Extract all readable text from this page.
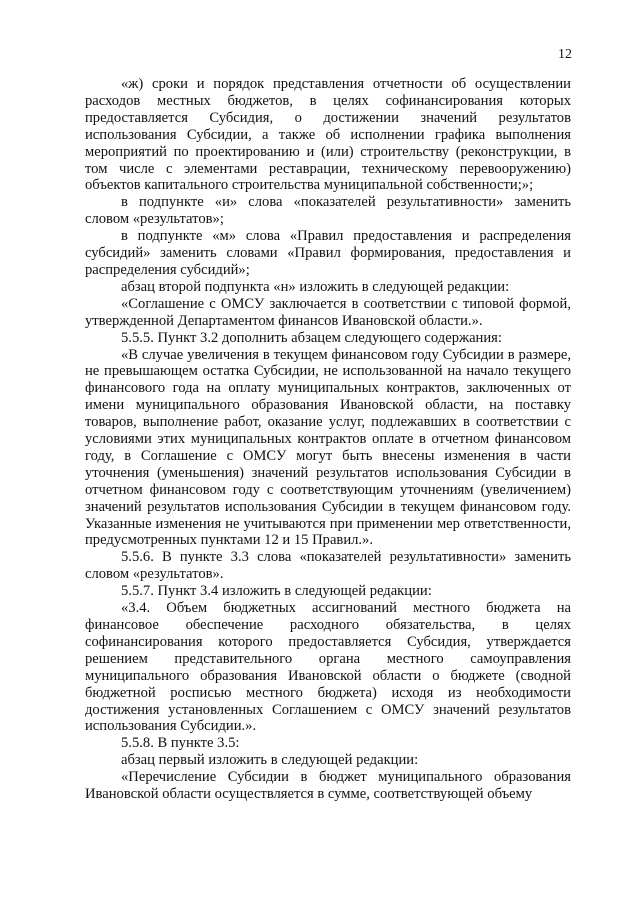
12

«ж) сроки и порядок представления отчетности об осуществлении расходов местных бюджетов, в целях софинансирования которых предоставляется Субсидия, о достижении значений результатов использования Субсидии, а также об исполнении графика выполнения мероприятий по проектированию и (или) строительству (реконструкции, в том числе с элементами реставрации, техническому перевооружению) объектов капитального строительства муниципальной собственности;»;

в подпункте «и» слова «показателей результативности» заменить словом «результатов»;

в подпункте «м» слова «Правил предоставления и распределения субсидий» заменить словами «Правил формирования, предоставления и распределения субсидий»;

абзац второй подпункта «н» изложить в следующей редакции:

«Соглашение с ОМСУ заключается в соответствии с типовой формой, утвержденной Департаментом финансов Ивановской области.».

5.5.5. Пункт 3.2 дополнить абзацем следующего содержания:

«В случае увеличения в текущем финансовом году Субсидии в размере, не превышающем остатка Субсидии, не использованной на начало текущего финансового года на оплату муниципальных контрактов, заключенных от имени муниципального образования Ивановской области, на поставку товаров, выполнение работ, оказание услуг, подлежавших в соответствии с условиями этих муниципальных контрактов оплате в отчетном финансовом году, в Соглашение с ОМСУ могут быть внесены изменения в части уточнения (уменьшения) значений результатов использования Субсидии в отчетном финансовом году с соответствующим уточнениям (увеличением) значений результатов использования Субсидии в текущем финансовом году. Указанные изменения не учитываются при применении мер ответственности, предусмотренных пунктами 12 и 15 Правил.».

5.5.6. В пункте 3.3 слова «показателей результативности» заменить словом «результатов».

5.5.7. Пункт 3.4 изложить в следующей редакции:

«3.4. Объем бюджетных ассигнований местного бюджета на финансовое обеспечение расходного обязательства, в целях софинансирования которого предоставляется Субсидия, утверждается решением представительного органа местного самоуправления муниципального образования Ивановской области о бюджете (сводной бюджетной росписью местного бюджета) исходя из необходимости достижения установленных Соглашением с ОМСУ значений результатов использования Субсидии.».

5.5.8. В пункте 3.5:

абзац первый изложить в следующей редакции:

«Перечисление Субсидии в бюджет муниципального образования Ивановской области осуществляется в сумме, соответствующей объему
